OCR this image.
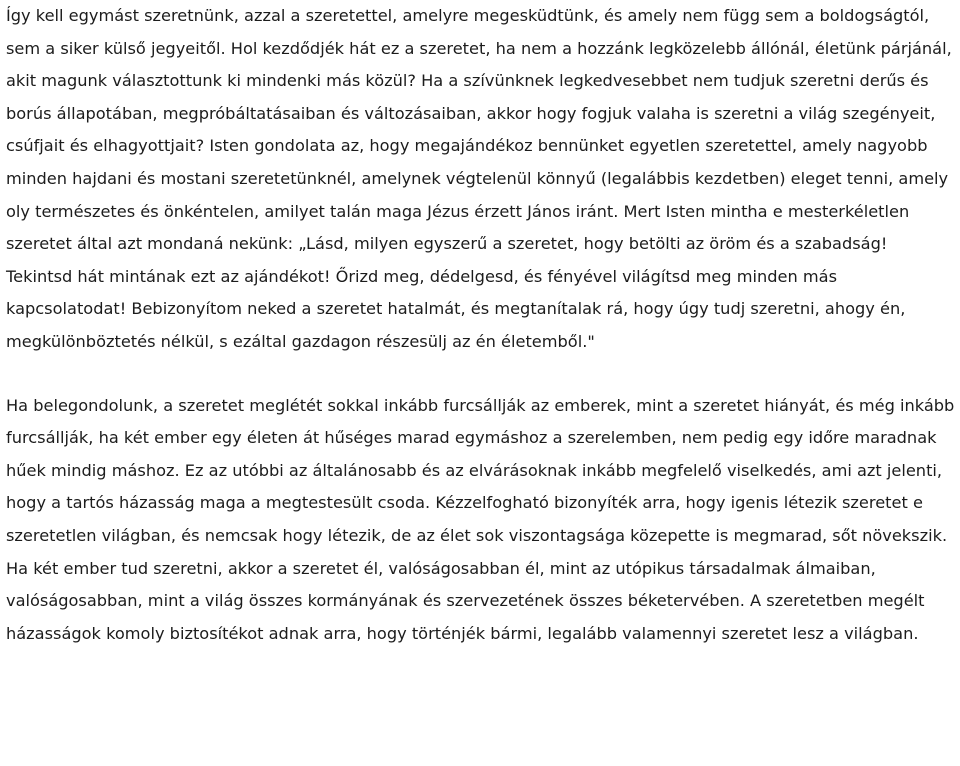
Így kell egymást szeretnünk, azzal a szeretettel, amelyre megesküdtünk, és amely nem függ sem a boldogságtól, sem a siker külső jegyeitől. Hol kezdődjék hát ez a szeretet, ha nem a hozzánk legközelebb állónál, életünk párjánál, akit magunk választottunk ki mindenki más közül? Ha a szívünknek legkedvesebbet nem tudjuk szeretni derűs és borús állapotában, megpróbáltatásaiban és változásaiban, akkor hogy fogjuk valaha is szeretni a világ szegényeit, csúfjait és elhagyottjait? Isten gondolata az, hogy megajándékoz bennünket egyetlen szeretettel, amely nagyobb minden hajdani és mostani szeretetünknél, amelynek végtelenül könnyű (legalábbis kezdetben) eleget tenni, amely oly természetes és önkéntelen, amilyet talán maga Jézus érzett János iránt. Mert Isten mintha e mesterkéletlen szeretet által azt mondaná nekünk: „Lásd, milyen egyszerű a szeretet, hogy betölti az öröm és a szabadság! Tekintsd hát mintának ezt az ajándékot! Őrizd meg, dédelgesd, és fényével világítsd meg minden más kapcsolatodat! Bebizonyítom neked a szeretet hatalmát, és megtanítalak rá, hogy úgy tudj szeretni, ahogy én, megkülönböztetés nélkül, s ezáltal gazdagon részesülj az én életemből."

Ha belegondolunk, a szeretet meglétét sokkal inkább furcsállják az emberek, mint a szeretet hiányát, és még inkább furcsállják, ha két ember egy életen át hűséges marad egymáshoz a szerelemben, nem pedig egy időre maradnak hűek mindig máshoz. Ez az utóbbi az általánosabb és az elvárásoknak inkább megfelelő viselkedés, ami azt jelenti, hogy a tartós házasság maga a megtestesült csoda. Kézzelfogható bizonyíték arra, hogy igenis létezik szeretet e szeretetlen világban, és nemcsak hogy létezik, de az élet sok viszontagsága közepette is megmarad, sőt növekszik. Ha két ember tud szeretni, akkor a szeretet él, valóságosabban él, mint az utópikus társadalmak álmaiban, valóságosabban, mint a világ összes kormányának és szervezetének összes béketervében. A szeretetben megélt házasságok komoly biztosítékot adnak arra, hogy történjék bármi, legalább valamennyi szeretet lesz a világban.
